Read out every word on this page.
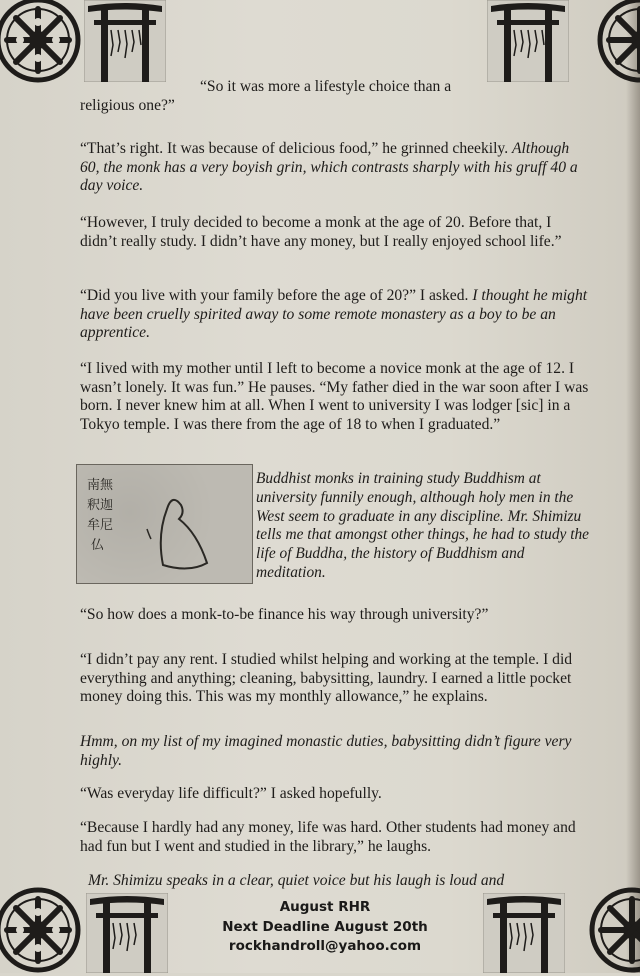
“So it was more a lifestyle choice than a
religious one?”

“That’s right. It was because of delicious food,” he grinned cheekily. Although 60, the monk has a very boyish grin, which contrasts sharply with his gruff 40 a day voice.

“However, I truly decided to become a monk at the age of 20. Before that, I didn’t really study. I didn’t have any money, but I really enjoyed school life.”

“Did you live with your family before the age of 20?” I asked. I thought he might have been cruelly spirited away to some remote monastery as a boy to be an apprentice.

“I lived with my mother until I left to become a novice monk at the age of 12. I wasn’t lonely. It was fun.” He pauses. “My father died in the war soon after I was born. I never knew him at all. When I went to university I was lodger [sic] in a Tokyo temple. I was there from the age of 18 to when I graduated.”

南無
釈迦
牟尼
仏

Buddhist monks in training study Buddhism at university funnily enough, although holy men in the West seem to graduate in any discipline. Mr. Shimizu tells me that amongst other things, he had to study the life of Buddha, the history of Buddhism and meditation.

“So how does a monk-to-be finance his way through university?”

“I didn’t pay any rent. I studied whilst helping and working at the temple. I did everything and anything; cleaning, babysitting, laundry. I earned a little pocket money doing this. This was my monthly allowance,” he explains.

Hmm, on my list of my imagined monastic duties, babysitting didn’t figure very highly.

“Was everyday life difficult?” I asked hopefully.

“Because I hardly had any money, life was hard. Other students had money and had fun but I went and studied in the library,” he laughs.

Mr. Shimizu speaks in a clear, quiet voice but his laugh is loud and

August RHR
Next Deadline August 20th
rockhandroll@yahoo.com
